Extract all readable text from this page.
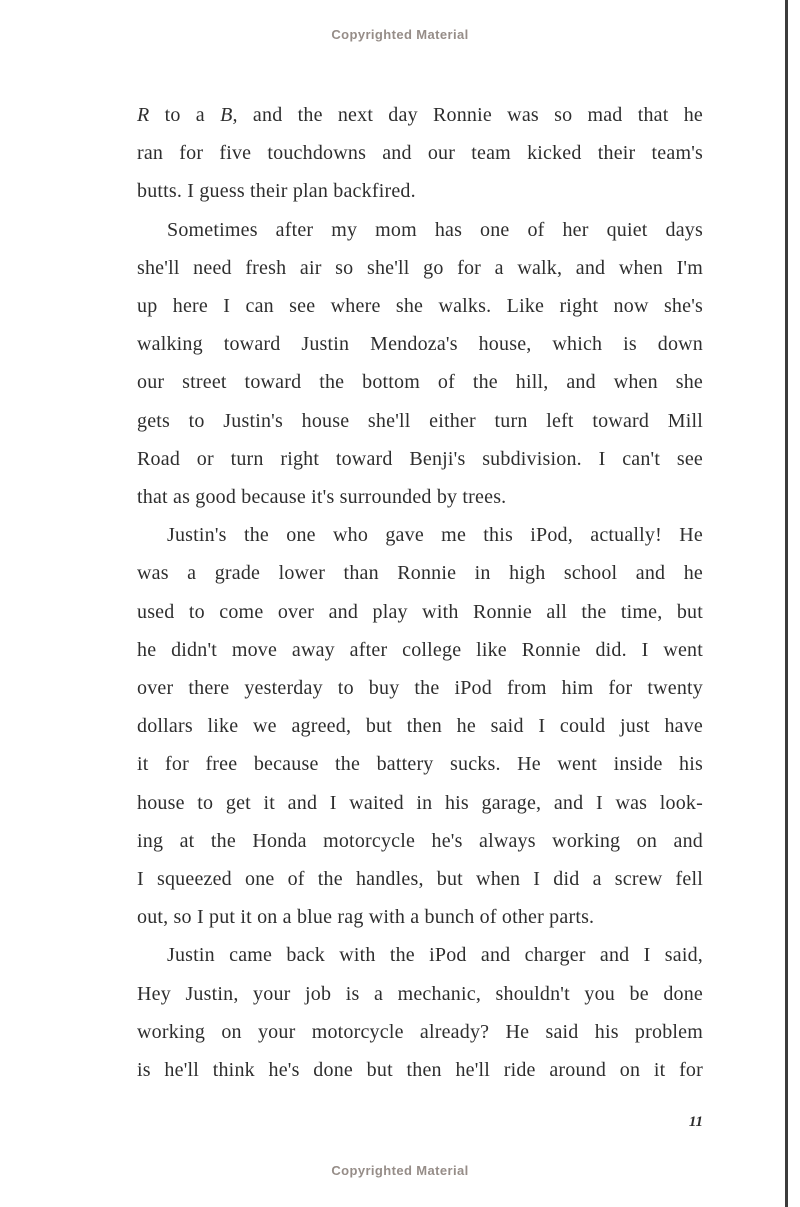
Copyrighted Material
R to a B, and the next day Ronnie was so mad that he
ran for five touchdowns and our team kicked their team's
butts. I guess their plan backfired.
Sometimes after my mom has one of her quiet days
she'll need fresh air so she'll go for a walk, and when I'm
up here I can see where she walks. Like right now she's
walking toward Justin Mendoza's house, which is down
our street toward the bottom of the hill, and when she
gets to Justin's house she'll either turn left toward Mill
Road or turn right toward Benji's subdivision. I can't see
that as good because it's surrounded by trees.
Justin's the one who gave me this iPod, actually! He
was a grade lower than Ronnie in high school and he
used to come over and play with Ronnie all the time, but
he didn't move away after college like Ronnie did. I went
over there yesterday to buy the iPod from him for twenty
dollars like we agreed, but then he said I could just have
it for free because the battery sucks. He went inside his
house to get it and I waited in his garage, and I was look-
ing at the Honda motorcycle he's always working on and
I squeezed one of the handles, but when I did a screw fell
out, so I put it on a blue rag with a bunch of other parts.
Justin came back with the iPod and charger and I said,
Hey Justin, your job is a mechanic, shouldn't you be done
working on your motorcycle already? He said his problem
is he'll think he's done but then he'll ride around on it for
11
Copyrighted Material
